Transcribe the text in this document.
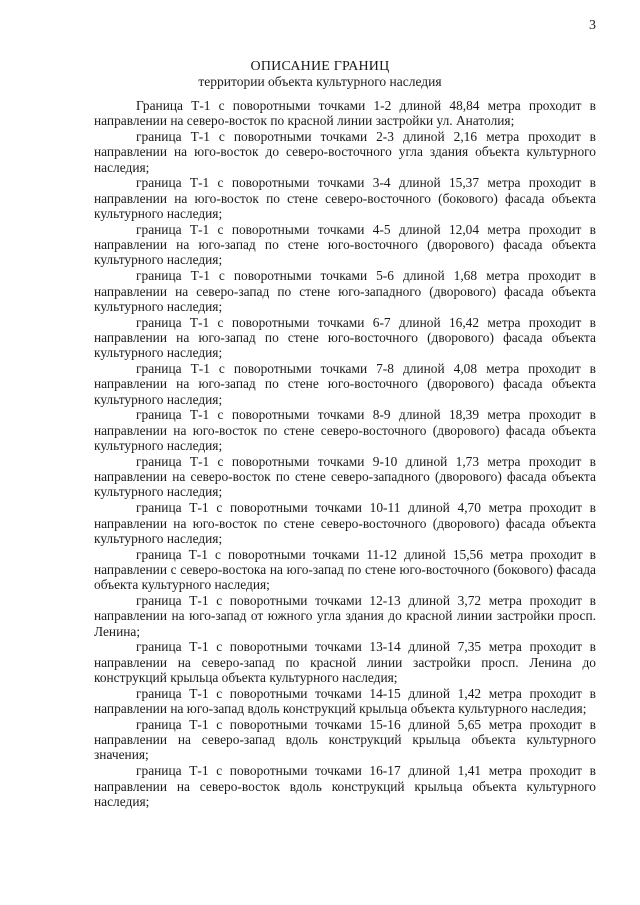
3
ОПИСАНИЕ ГРАНИЦ
территории объекта культурного наследия

Граница Т-1 с поворотными точками 1-2 длиной 48,84 метра проходит в направлении на северо-восток по красной линии застройки ул. Анатолия;

граница Т-1 с поворотными точками 2-3 длиной 2,16 метра проходит в направлении на юго-восток до северо-восточного угла здания объекта культурного наследия;

граница Т-1 с поворотными точками 3-4 длиной 15,37 метра проходит в направлении на юго-восток по стене северо-восточного (бокового) фасада объекта культурного наследия;

граница Т-1 с поворотными точками 4-5 длиной 12,04 метра проходит в направлении на юго-запад по стене юго-восточного (дворового) фасада объекта культурного наследия;

граница Т-1 с поворотными точками 5-6 длиной 1,68 метра проходит в направлении на северо-запад по стене юго-западного (дворового) фасада объекта культурного наследия;

граница Т-1 с поворотными точками 6-7 длиной 16,42 метра проходит в направлении на юго-запад по стене юго-восточного (дворового) фасада объекта культурного наследия;

граница Т-1 с поворотными точками 7-8 длиной 4,08 метра проходит в направлении на юго-запад по стене юго-восточного (дворового) фасада объекта культурного наследия;

граница Т-1 с поворотными точками 8-9 длиной 18,39 метра проходит в направлении на юго-восток по стене северо-восточного (дворового) фасада объекта культурного наследия;

граница Т-1 с поворотными точками 9-10 длиной 1,73 метра проходит в направлении на северо-восток по стене северо-западного (дворового) фасада объекта культурного наследия;

граница Т-1 с поворотными точками 10-11 длиной 4,70 метра проходит в направлении на юго-восток по стене северо-восточного (дворового) фасада объекта культурного наследия;

граница Т-1 с поворотными точками 11-12 длиной 15,56 метра проходит в направлении с северо-востока на юго-запад по стене юго-восточного (бокового) фасада объекта культурного наследия;

граница Т-1 с поворотными точками 12-13 длиной 3,72 метра проходит в направлении на юго-запад от южного угла здания до красной линии застройки просп. Ленина;

граница Т-1 с поворотными точками 13-14 длиной 7,35 метра проходит в направлении на северо-запад по красной линии застройки просп. Ленина до конструкций крыльца объекта культурного наследия;

граница Т-1 с поворотными точками 14-15 длиной 1,42 метра проходит в направлении на юго-запад вдоль конструкций крыльца объекта культурного наследия;

граница Т-1 с поворотными точками 15-16 длиной 5,65 метра проходит в направлении на северо-запад вдоль конструкций крыльца объекта культурного значения;

граница Т-1 с поворотными точками 16-17 длиной 1,41 метра проходит в направлении на северо-восток вдоль конструкций крыльца объекта культурного наследия;
